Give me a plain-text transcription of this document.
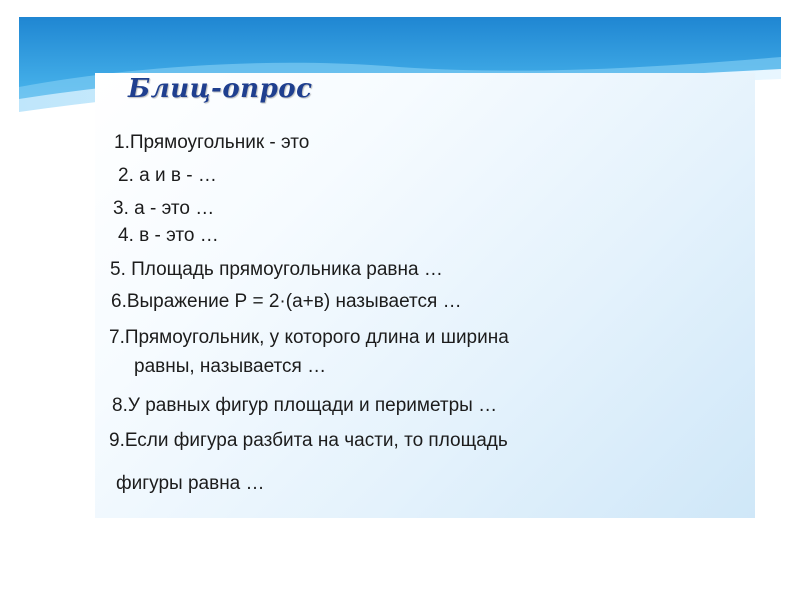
Блиц-опрос
1.Прямоугольник - это
2. а и в - …
3. а - это …
4. в - это …
5. Площадь прямоугольника равна …
6.Выражение Р = 2·(а+в) называется …
7.Прямоугольник, у которого длина и ширина
равны, называется …
8.У равных фигур площади и периметры …
9.Если фигура разбита на части, то площадь
фигуры равна …
